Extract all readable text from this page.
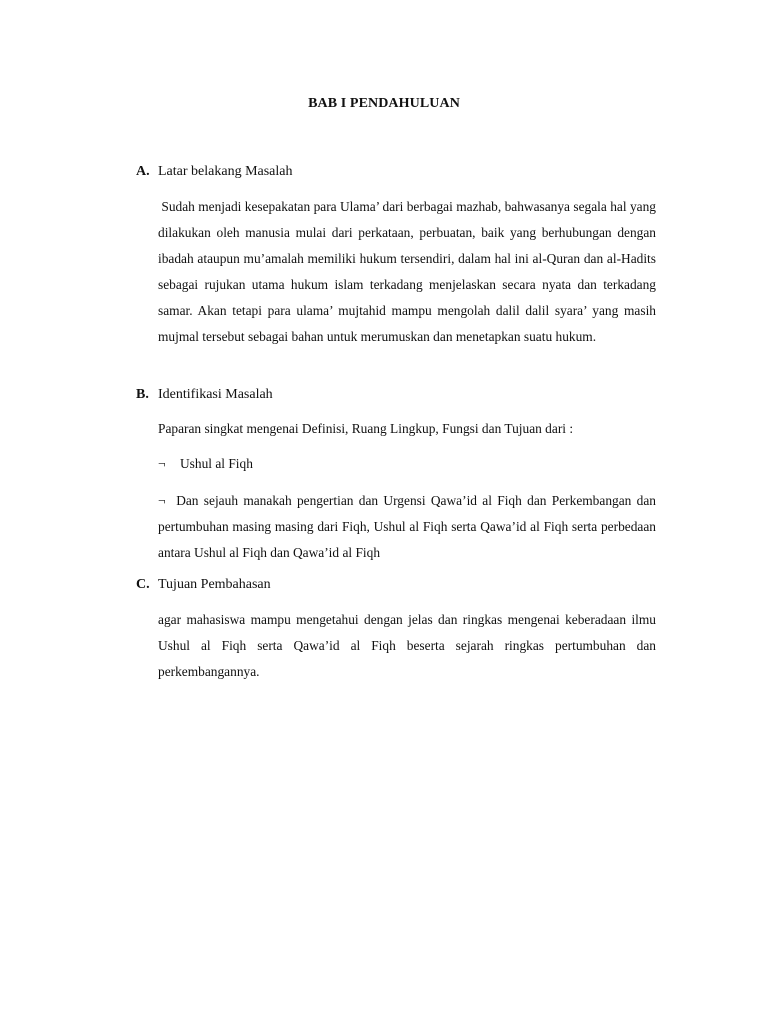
BAB I PENDAHULUAN
A. Latar belakang Masalah
Sudah menjadi kesepakatan para Ulama’ dari berbagai mazhab, bahwasanya segala hal yang dilakukan oleh manusia mulai dari perkataan, perbuatan, baik yang berhubungan dengan ibadah ataupun mu’amalah memiliki hukum tersendiri, dalam hal ini al-Quran dan al-Hadits sebagai rujukan utama hukum islam terkadang menjelaskan secara nyata dan terkadang samar. Akan tetapi para ulama’ mujtahid mampu mengolah dalil dalil syara’ yang masih mujmal tersebut sebagai bahan untuk merumuskan dan menetapkan suatu hukum.
B. Identifikasi Masalah
Paparan singkat mengenai Definisi, Ruang Lingkup, Fungsi dan Tujuan dari :
¬ Ushul al Fiqh
¬ Dan sejauh manakah pengertian dan Urgensi Qawa’id al Fiqh dan Perkembangan dan pertumbuhan masing masing dari Fiqh, Ushul al Fiqh serta Qawa’id al Fiqh serta perbedaan antara Ushul al Fiqh dan Qawa’id al Fiqh
C. Tujuan Pembahasan
agar mahasiswa mampu mengetahui dengan jelas dan ringkas mengenai keberadaan ilmu Ushul al Fiqh serta Qawa’id al Fiqh beserta sejarah ringkas pertumbuhan dan perkembangannya.
